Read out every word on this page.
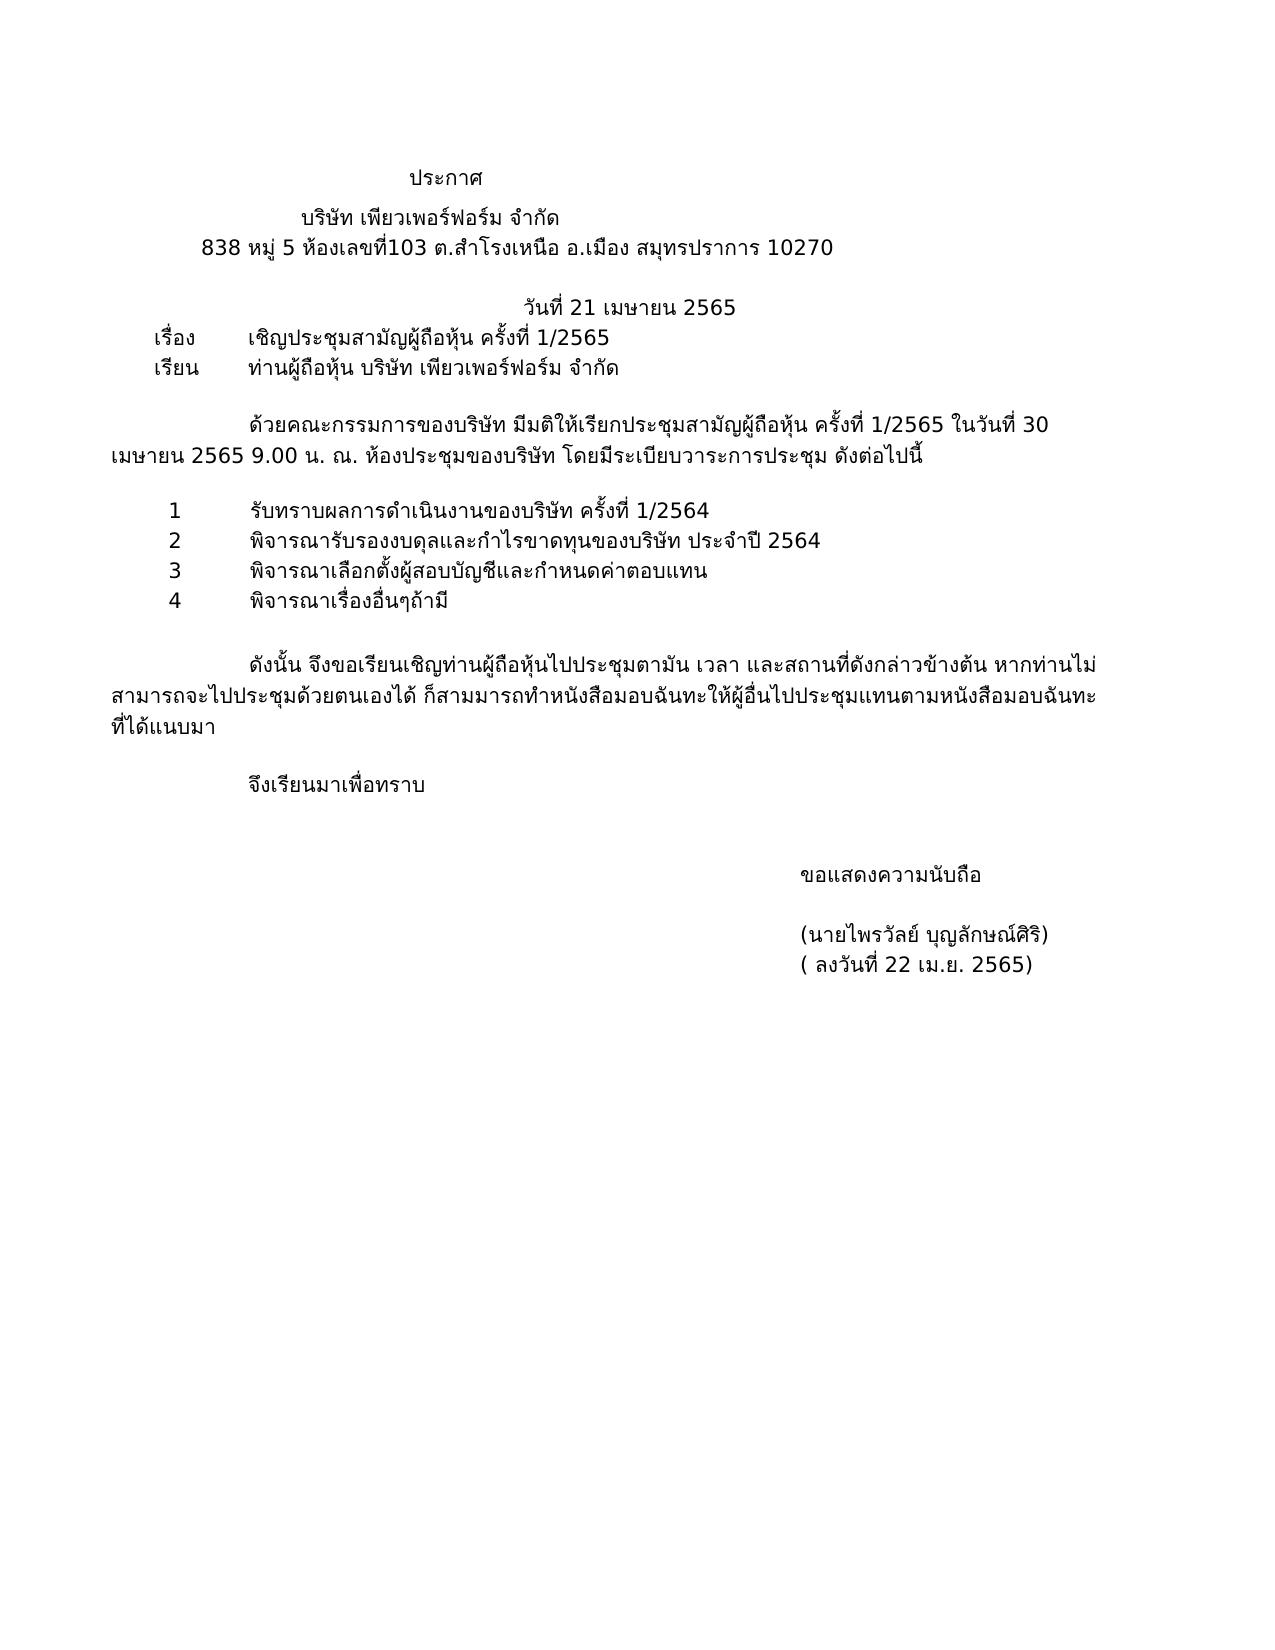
ประกาศ
บริษัท เพียวเพอร์ฟอร์ม จำกัด
838 หมู่ 5 ห้องเลขที่103 ต.สำโรงเหนือ อ.เมือง สมุทรปราการ 10270
วันที่ 21 เมษายน 2565
เรื่อง	เชิญประชุมสามัญผู้ถือหุ้น ครั้งที่ 1/2565
เรียน ท่านผู้ถือหุ้น บริษัท เพียวเพอร์ฟอร์ม จำกัด
ด้วยคณะกรรมการของบริษัท มีมติให้เรียกประชุมสามัญผู้ถือหุ้น ครั้งที่ 1/2565 ในวันที่ 30
เมษายน 2565 9.00 น. ณ. ห้องประชุมของบริษัท โดยมีระเบียบวาระการประชุม ดังต่อไปนี้
1	รับทราบผลการดำเนินงานของบริษัท ครั้งที่ 1/2564
2	พิจารณารับรองงบดุลและกำไรขาดทุนของบริษัท ประจำปี 2564
3	พิจารณาเลือกตั้งผู้สอบบัญชีและกำหนดค่าตอบแทน
4	พิจารณาเรื่องอื่นๆถ้ามี
ดังนั้น จึงขอเรียนเชิญท่านผู้ถือหุ้นไปประชุมตามัน เวลา และสถานที่ดังกล่าวข้างต้น หากท่านไม่
สามารถจะไปประชุมด้วยตนเองได้ ก็สามมารถทำหนังสือมอบฉันทะให้ผู้อื่นไปประชุมแทนตามหนังสือมอบฉันทะ
ที่ได้แนบมา
จึงเรียนมาเพื่อทราบ
ขอแสดงความนับถือ
(นายไพรวัลย์ บุญลักษณ์ศิริ)
( ลงวันที่ 22 เม.ย. 2565)
